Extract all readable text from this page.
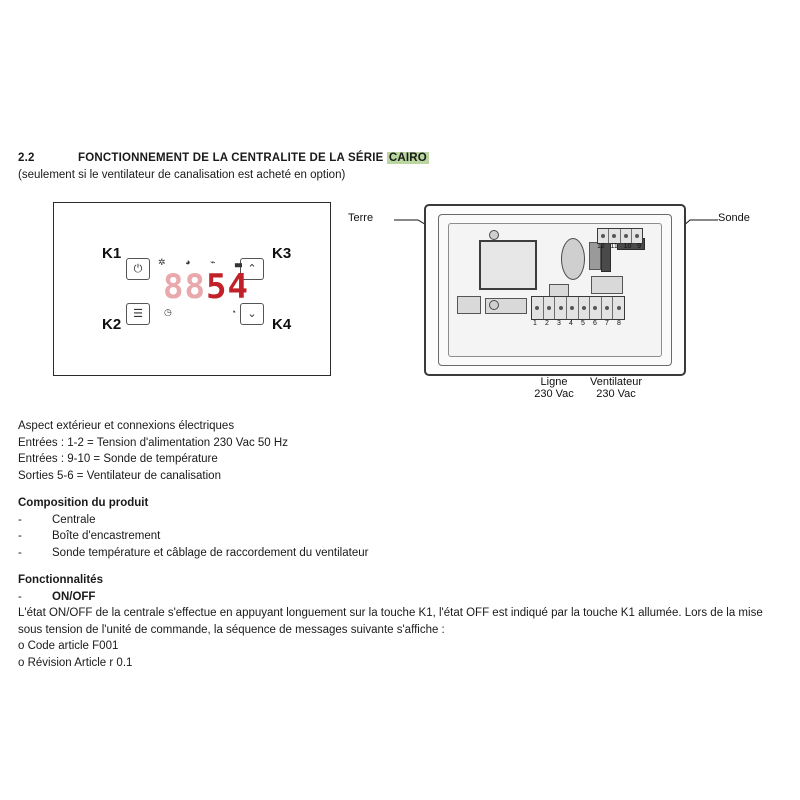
2.2	FONCTIONNEMENT DE LA CENTRALITE DE LA SÉRIE CAIRO
(seulement si le ventilateur de canalisation est acheté en option)
K1
K2
K3
K4
⏻
☰
⌃
⌄
✲ ◕ ⌁ ▃
8854
◷	◔
12 11 10 9
1 2 3 4 5 6 7 8
Terre	Sonde
Ligne
230 Vac
Ventilateur
230 Vac

Aspect extérieur et connexions électriques

Entrées : 1-2 = Tension d'alimentation 230 Vac 50 Hz

Entrées : 9-10 = Sonde de température

Sorties 5-6 = Ventilateur de canalisation

Composition du produit

-	Centrale
-	Boîte d'encastrement
-	Sonde température et câblage de raccordement du ventilateur

Fonctionnalités

-	ON/OFF

L'état ON/OFF de la centrale s'effectue en appuyant longuement sur la touche K1, l'état OFF est indiqué par la touche K1 allumée. Lors de la mise sous tension de l'unité de commande, la séquence de messages suivante s'affiche :

o Code article F001

o Révision Article r 0.1
